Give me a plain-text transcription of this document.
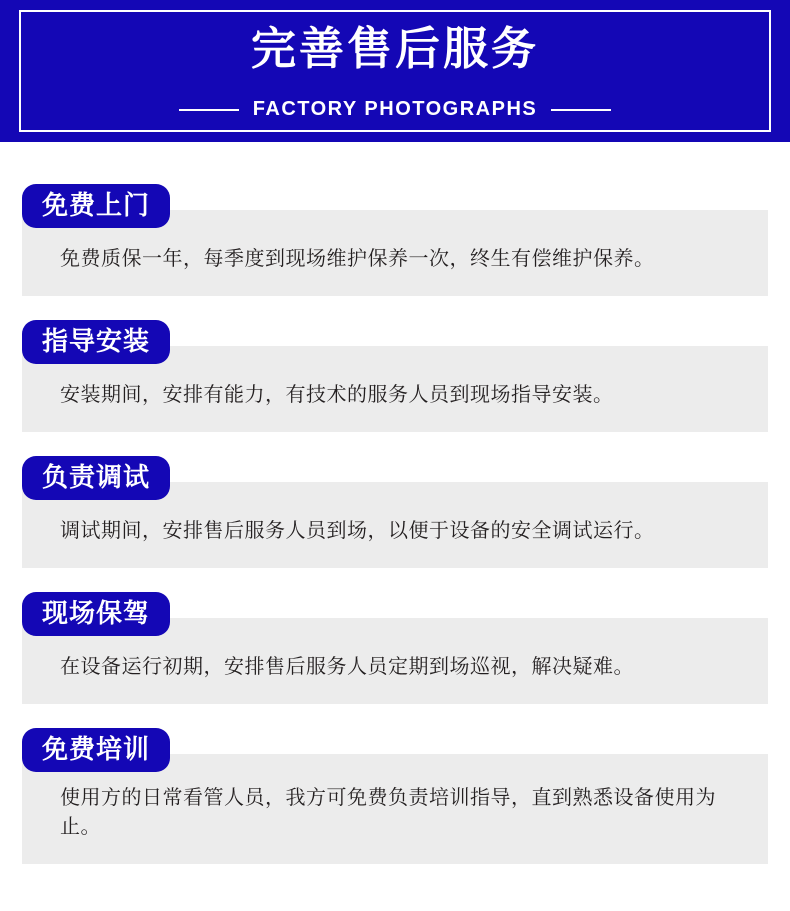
完善售后服务
FACTORY PHOTOGRAPHS
免费上门
免费质保一年，每季度到现场维护保养一次，终生有偿维护保养。
指导安装
安装期间，安排有能力，有技术的服务人员到现场指导安装。
负责调试
调试期间，安排售后服务人员到场，以便于设备的安全调试运行。
现场保驾
在设备运行初期，安排售后服务人员定期到场巡视，解决疑难。
免费培训
使用方的日常看管人员，我方可免费负责培训指导，直到熟悉设备使用为止。
